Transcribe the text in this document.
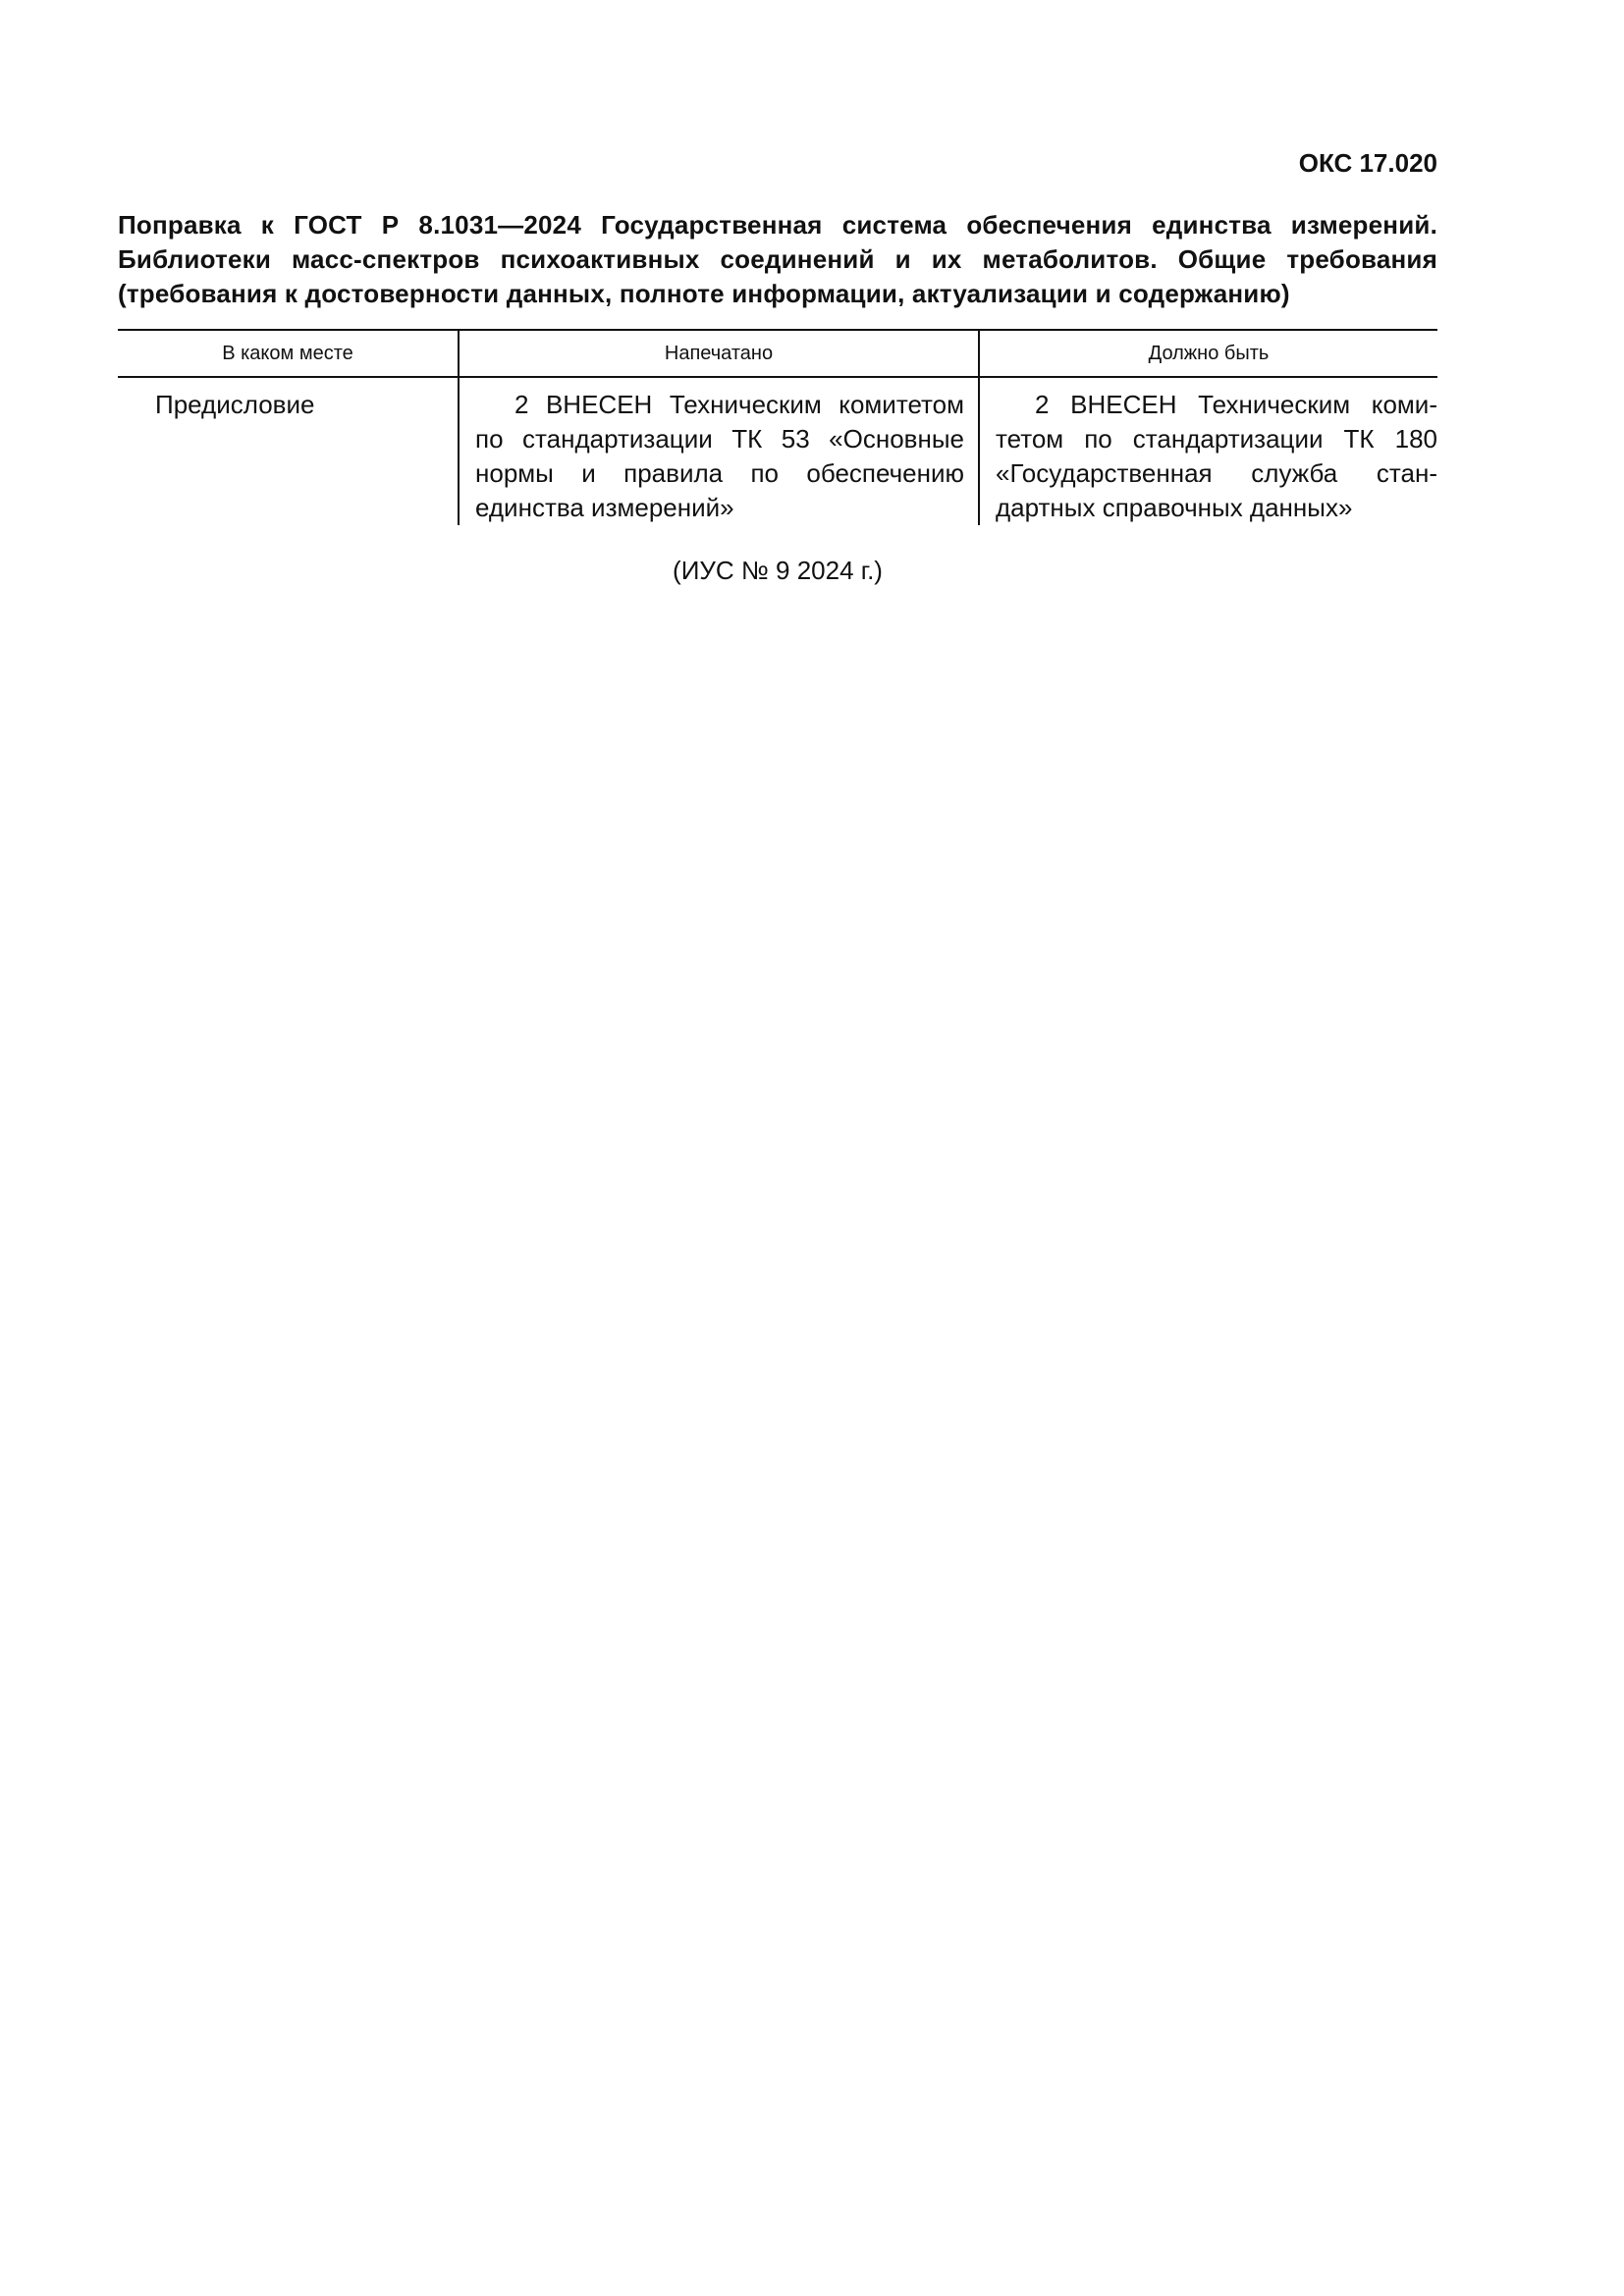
ОКС 17.020
Поправка к ГОСТ Р 8.1031—2024 Государственная система обеспечения единства измерений.
Библиотеки масс-спектров психоактивных соединений и их метаболитов. Общие требования
(требования к достоверности данных, полноте информации, актуализации и содержанию)
В каком месте	Напечатано	Должно быть
Предисловие	2 ВНЕСЕН Техническим комитетом по стандартизации ТК 53 «Основные нормы и правила по обеспечению единства измерений»	2 ВНЕСЕН Техническим комитетом по стандартизации ТК 180 «Государственная служба стандартных справочных данных»
(ИУС № 9 2024 г.)
